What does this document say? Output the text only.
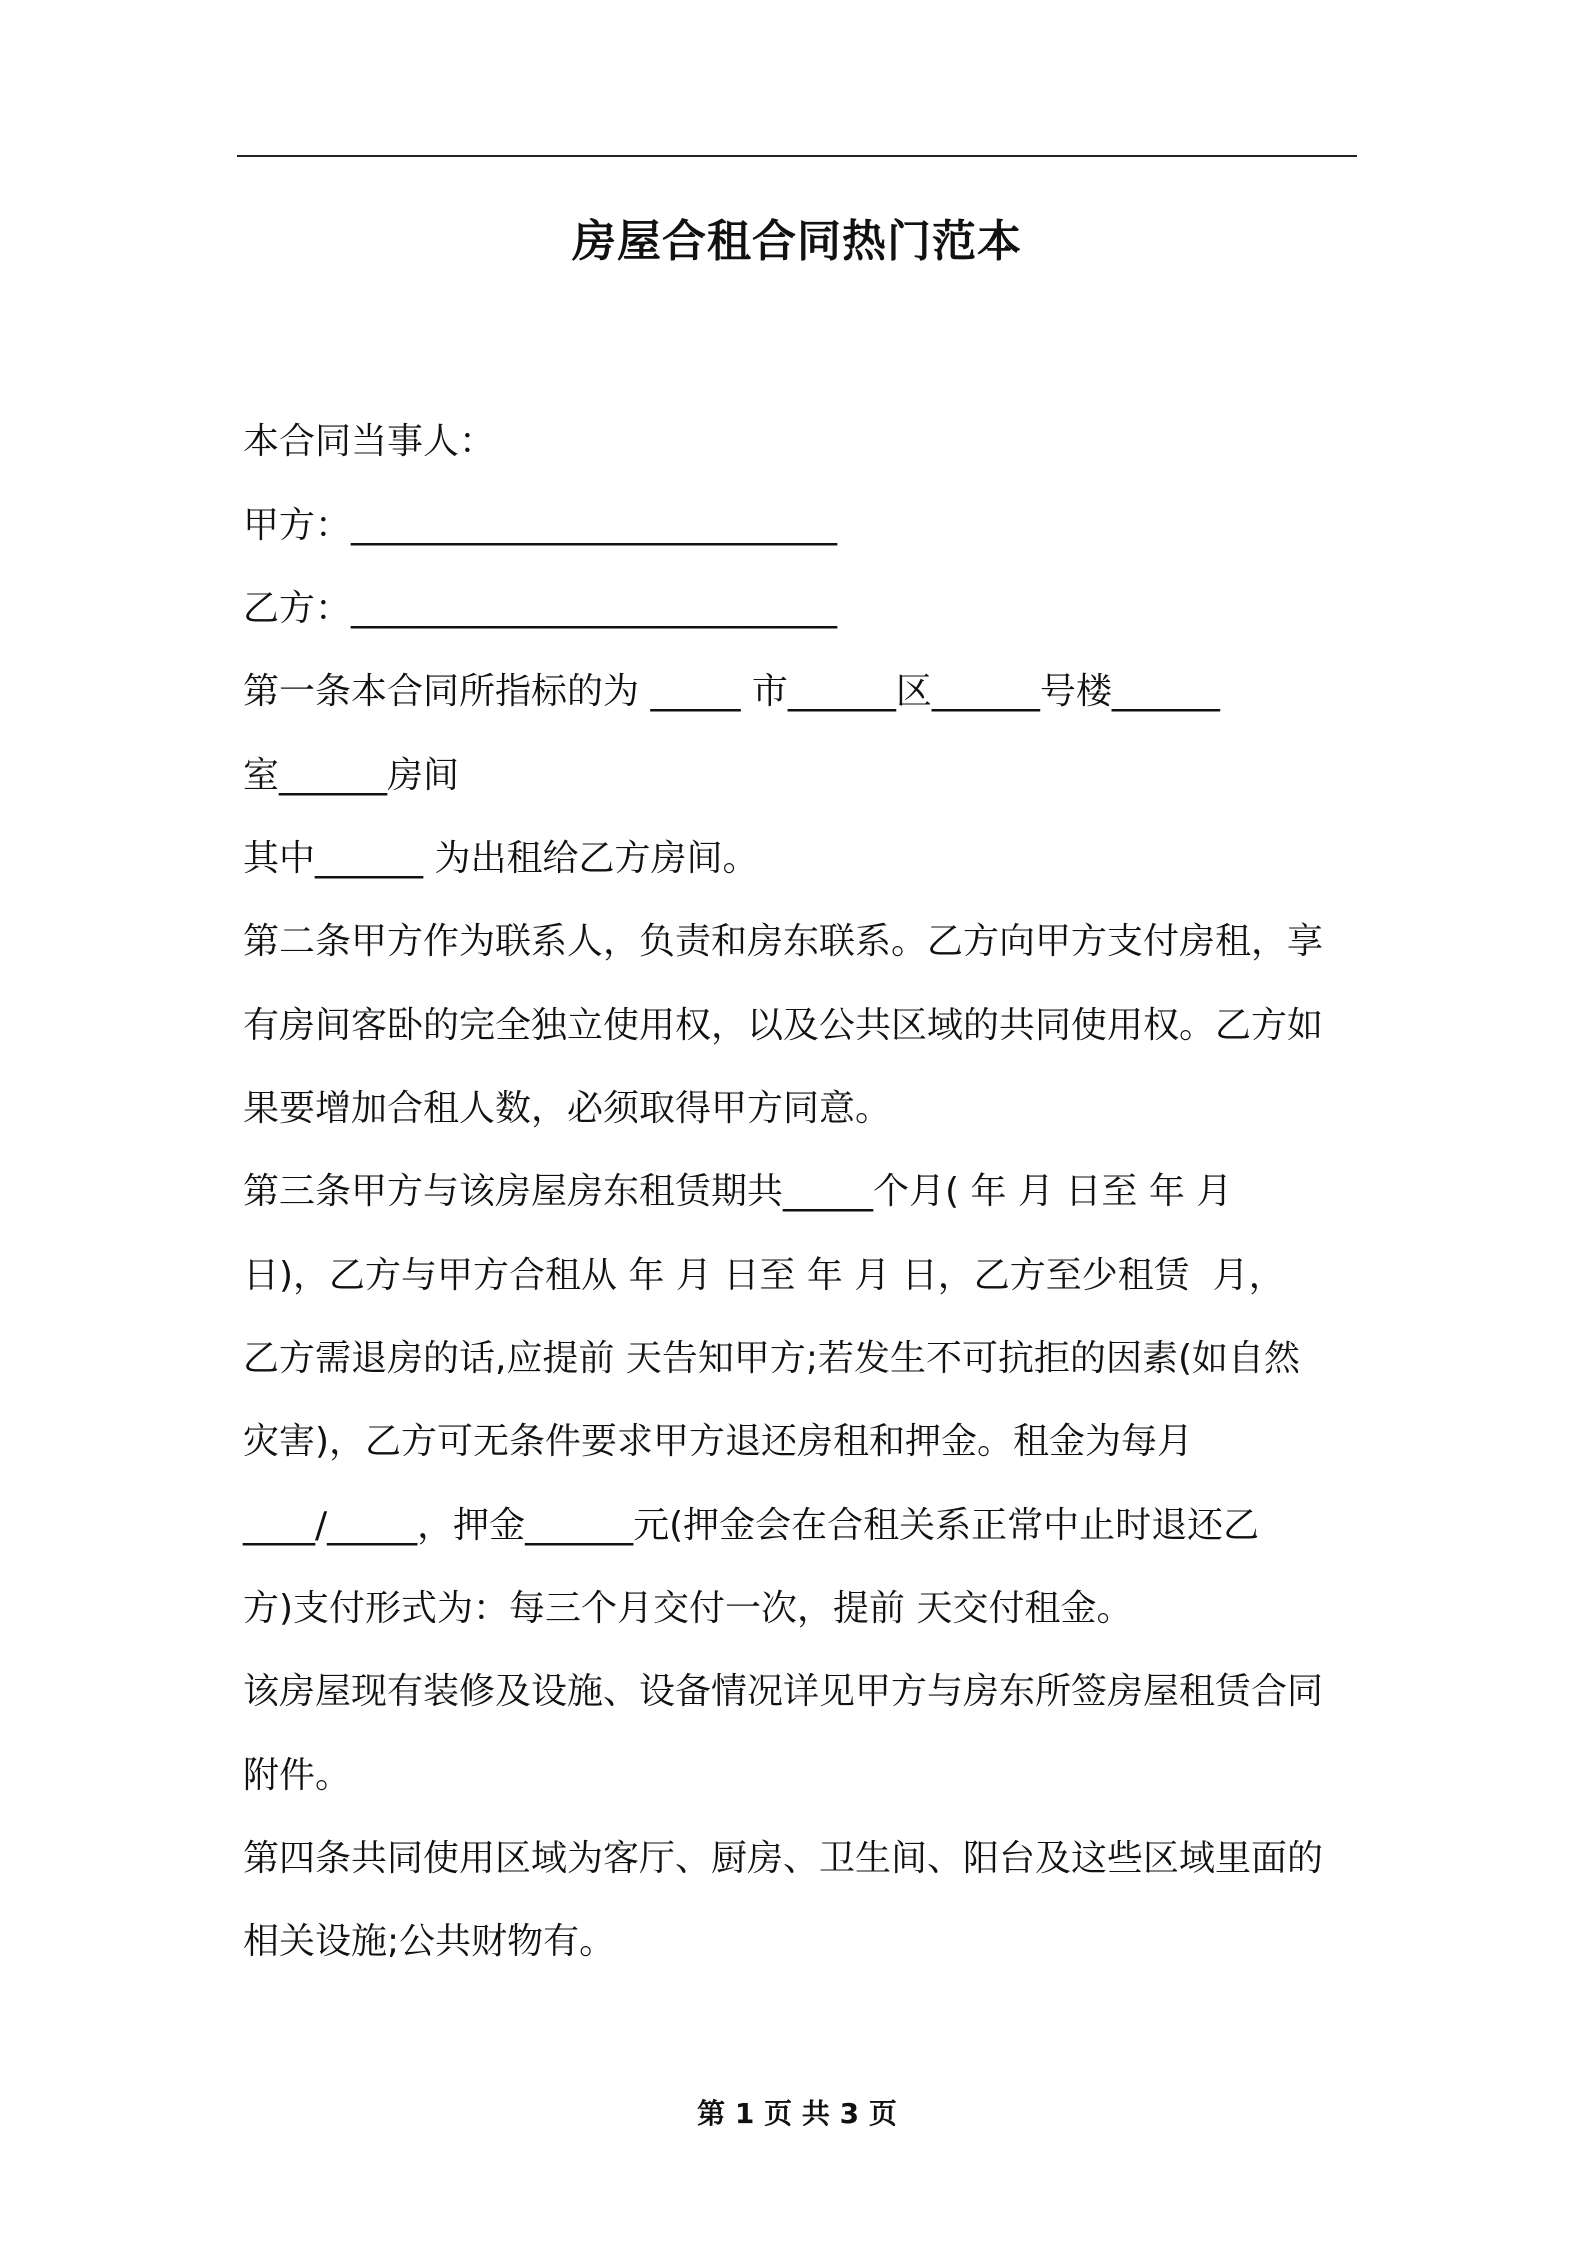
房屋合租合同热门范本

本合同当事人：

甲方：___________________________

乙方：___________________________

第一条本合同所指标的为 _____ 市______区______号楼______

室______房间

其中______ 为出租给乙方房间。

第二条甲方作为联系人，负责和房东联系。乙方向甲方支付房租，享

有房间客卧的完全独立使用权，以及公共区域的共同使用权。乙方如

果要增加合租人数，必须取得甲方同意。

第三条甲方与该房屋房东租赁期共_____个月( 年 月 日至 年 月

日)，乙方与甲方合租从 年 月 日至 年 月 日，乙方至少租赁  月，

乙方需退房的话,应提前 天告知甲方;若发生不可抗拒的因素(如自然

灾害)，乙方可无条件要求甲方退还房租和押金。租金为每月

____/_____，押金______元(押金会在合租关系正常中止时退还乙

方)支付形式为：每三个月交付一次，提前 天交付租金。

该房屋现有装修及设施、设备情况详见甲方与房东所签房屋租赁合同

附件。

第四条共同使用区域为客厅、厨房、卫生间、阳台及这些区域里面的

相关设施;公共财物有。

第 1 页 共 3 页
